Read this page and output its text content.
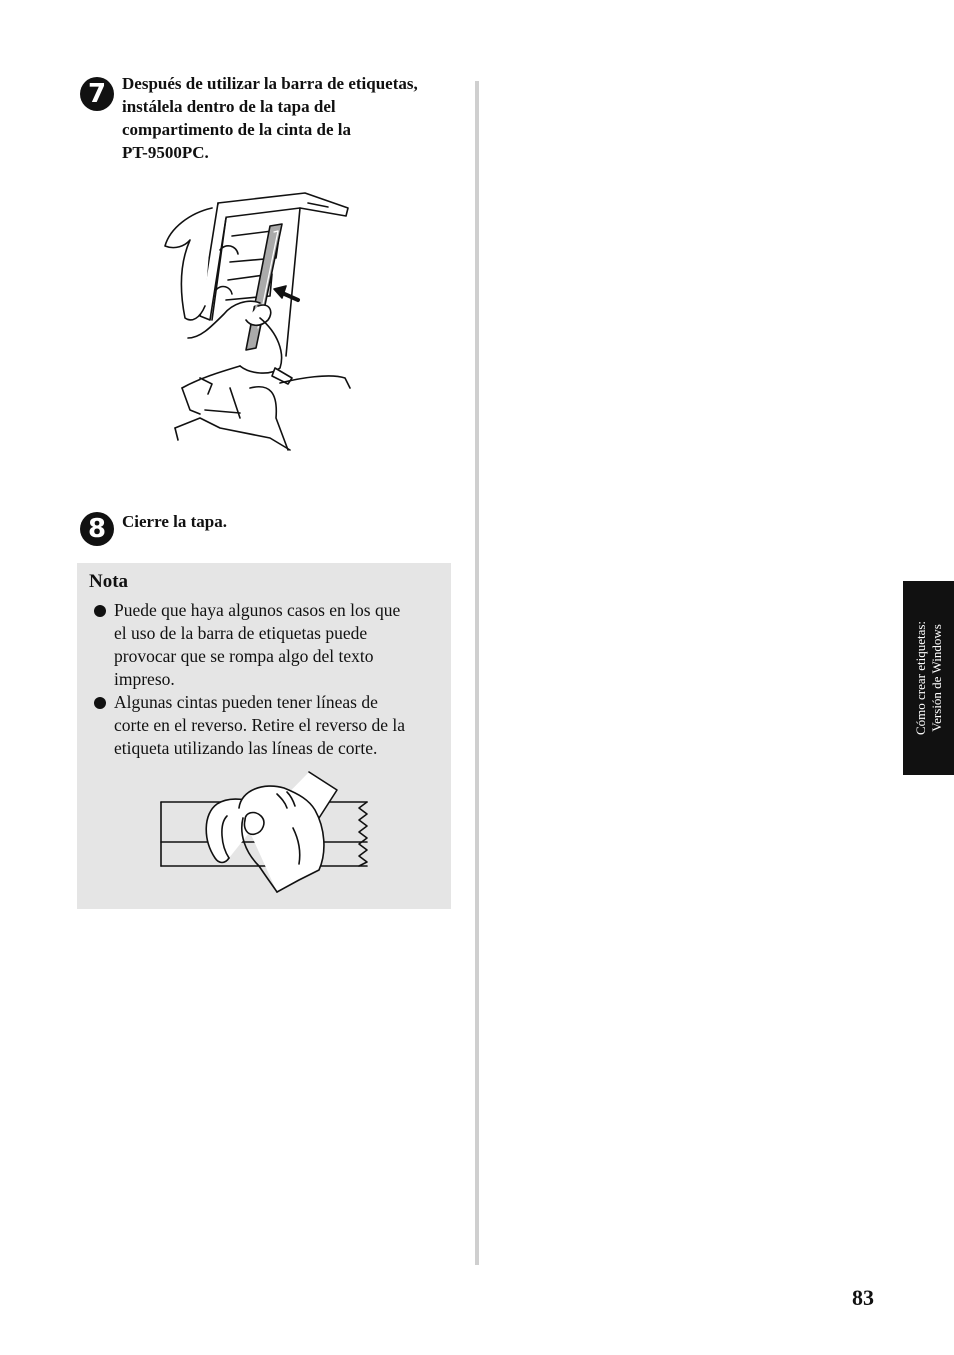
7 Después de utilizar la barra de etiquetas,
instálela dentro de la tapa del
compartimento de la cinta de la
PT-9500PC.
8 Cierre la tapa.
Nota
Puede que haya algunos casos en los que
el uso de la barra de etiquetas puede
provocar que se rompa algo del texto
impreso.
Algunas cintas pueden tener líneas de
corte en el reverso. Retire el reverso de la
etiqueta utilizando las líneas de corte.
Cómo crear etiquetas: Versión de Windows
83
